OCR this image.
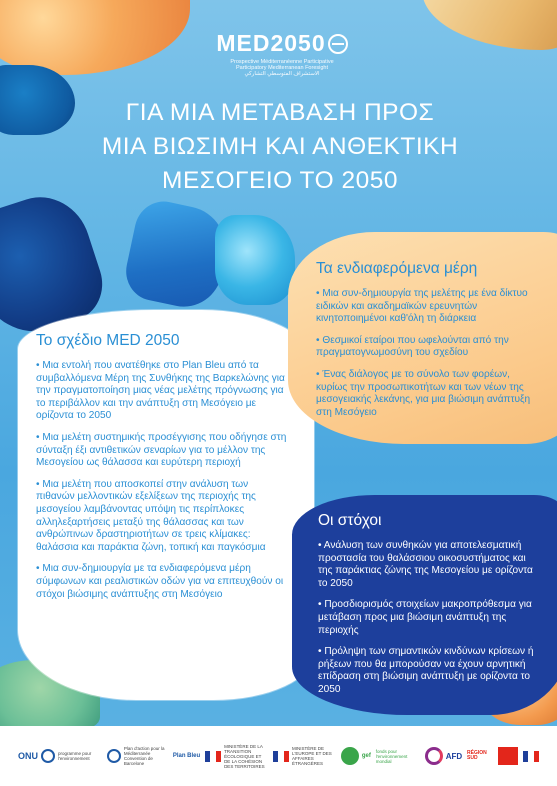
MED2050
Prospective Méditerranéenne Participative
Participatory Mediterranean Foresight
الاستشراف المتوسطي التشاركي
ΓΙΑ ΜΙΑ ΜΕΤΑΒΑΣΗ ΠΡΟΣ
ΜΙΑ ΒΙΩΣΙΜΗ ΚΑΙ ΑΝΘΕΚΤΙΚΗ
ΜΕΣΟΓΕΙΟ ΤΟ 2050
Τα ενδιαφερόμενα μέρη
• Μια συν-δημιουργία της μελέτης με ένα δίκτυο ειδικών και ακαδημαϊκών ερευνητών κινητοποιημένοι καθ'όλη τη διάρκεια
• Θεσμικοί εταίροι που ωφελούνται από την πραγματογνωμοσύνη του σχεδίου
• Ένας διάλογος με το σύνολο των φορέων, κυρίως την προσωπικοτήτων και των νέων της μεσογειακής λεκάνης, για μια βιώσιμη ανάπτυξη στη Μεσόγειο
Το σχέδιο MED 2050
• Μια εντολή που ανατέθηκε στο Plan Bleu από τα συμβαλλόμενα Μέρη της Συνθήκης της Βαρκελώνης για την πραγματοποίηση μιας νέας μελέτης πρόγνωσης για το περιβάλλον και την ανάπτυξη στη Μεσόγειο με ορίζοντα το 2050
• Μια μελέτη συστημικής προσέγγισης που οδήγησε στη σύνταξη έξι αντιθετικών σεναρίων για το μέλλον της Μεσογείου ως θάλασσα και ευρύτερη περιοχή
• Μια μελέτη που αποσκοπεί στην ανάλυση των πιθανών μελλοντικών εξελίξεων της περιοχής της μεσογείου λαμβάνοντας υπόψη τις περίπλοκες αλληλεξαρτήσεις μεταξύ της θάλασσας και των ανθρώπινων δραστηριοτήτων σε τρεις κλίμακες: θαλάσσια και παράκτια ζώνη, τοπική και παγκόσμια
• Μια συν-δημιουργία με τα ενδιαφερόμενα μέρη σύμφωνων και ρεαλιστικών οδών για να επιτευχθούν οι στόχοι βιώσιμης ανάπτυξης στη Μεσόγειο
Οι στόχοι
• Ανάλυση των συνθηκών για αποτελεσματική προστασία του θαλάσσιου οικοσυστήματος και της παράκτιας ζώνης της Μεσογείου με ορίζοντα το 2050
• Προσδιορισμός στοιχείων μακροπρόθεσμα για μετάβαση προς μια βιώσιμη ανάπτυξη της περιοχής
• Πρόληψη των σημαντικών κινδύνων κρίσεων ή ρήξεων που θα μπορούσαν να έχουν αρνητική επίδραση στη βιώσιμη ανάπτυξη με ορίζοντα το 2050
ONU	programme pour l'environnement
Plan d'action pour la Méditerranée Convention de Barcelone
Plan Bleu
MINISTÈRE DE LA TRANSITION ÉCOLOGIQUE ET DE LA COHÉSION DES TERRITOIRES
MINISTÈRE DE L'EUROPE ET DES AFFAIRES ÉTRANGÈRES
gef
fonds pour l'environnement mondial
AFD RÉGION SUD
